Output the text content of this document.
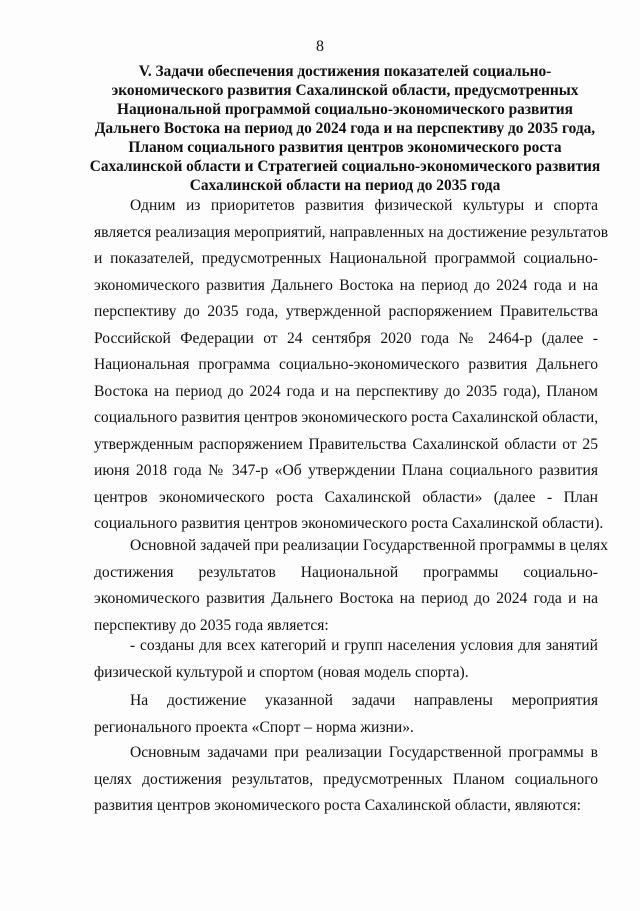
8
V. Задачи обеспечения достижения показателей социально-
экономического развития Сахалинской области, предусмотренных
Национальной программой социально-экономического развития
Дальнего Востока на период до 2024 года и на перспективу до 2035 года,
Планом социального развития центров экономического роста
Сахалинской области и Стратегией социально-экономического развития
Сахалинской области на период до 2035 года
Одним из приоритетов развития физической культуры и спорта
является реализация мероприятий, направленных на достижение результатов
и показателей, предусмотренных Национальной программой социально-
экономического развития Дальнего Востока на период до 2024 года и на
перспективу до 2035 года, утвержденной распоряжением Правительства
Российской Федерации от 24 сентября 2020 года № 2464-р (далее -
Национальная программа социально-экономического развития Дальнего
Востока на период до 2024 года и на перспективу до 2035 года), Планом
социального развития центров экономического роста Сахалинской области,
утвержденным распоряжением Правительства Сахалинской области от 25
июня 2018 года № 347-р «Об утверждении Плана социального развития
центров экономического роста Сахалинской области» (далее - План
социального развития центров экономического роста Сахалинской области).
Основной задачей при реализации Государственной программы в целях
достижения результатов Национальной программы социально-
экономического развития Дальнего Востока на период до 2024 года и на
перспективу до 2035 года является:
- созданы для всех категорий и групп населения условия для занятий
физической культурой и спортом (новая модель спорта).
На достижение указанной задачи направлены мероприятия
регионального проекта «Спорт – норма жизни».
Основным задачами при реализации Государственной программы в
целях достижения результатов, предусмотренных Планом социального
развития центров экономического роста Сахалинской области, являются:
